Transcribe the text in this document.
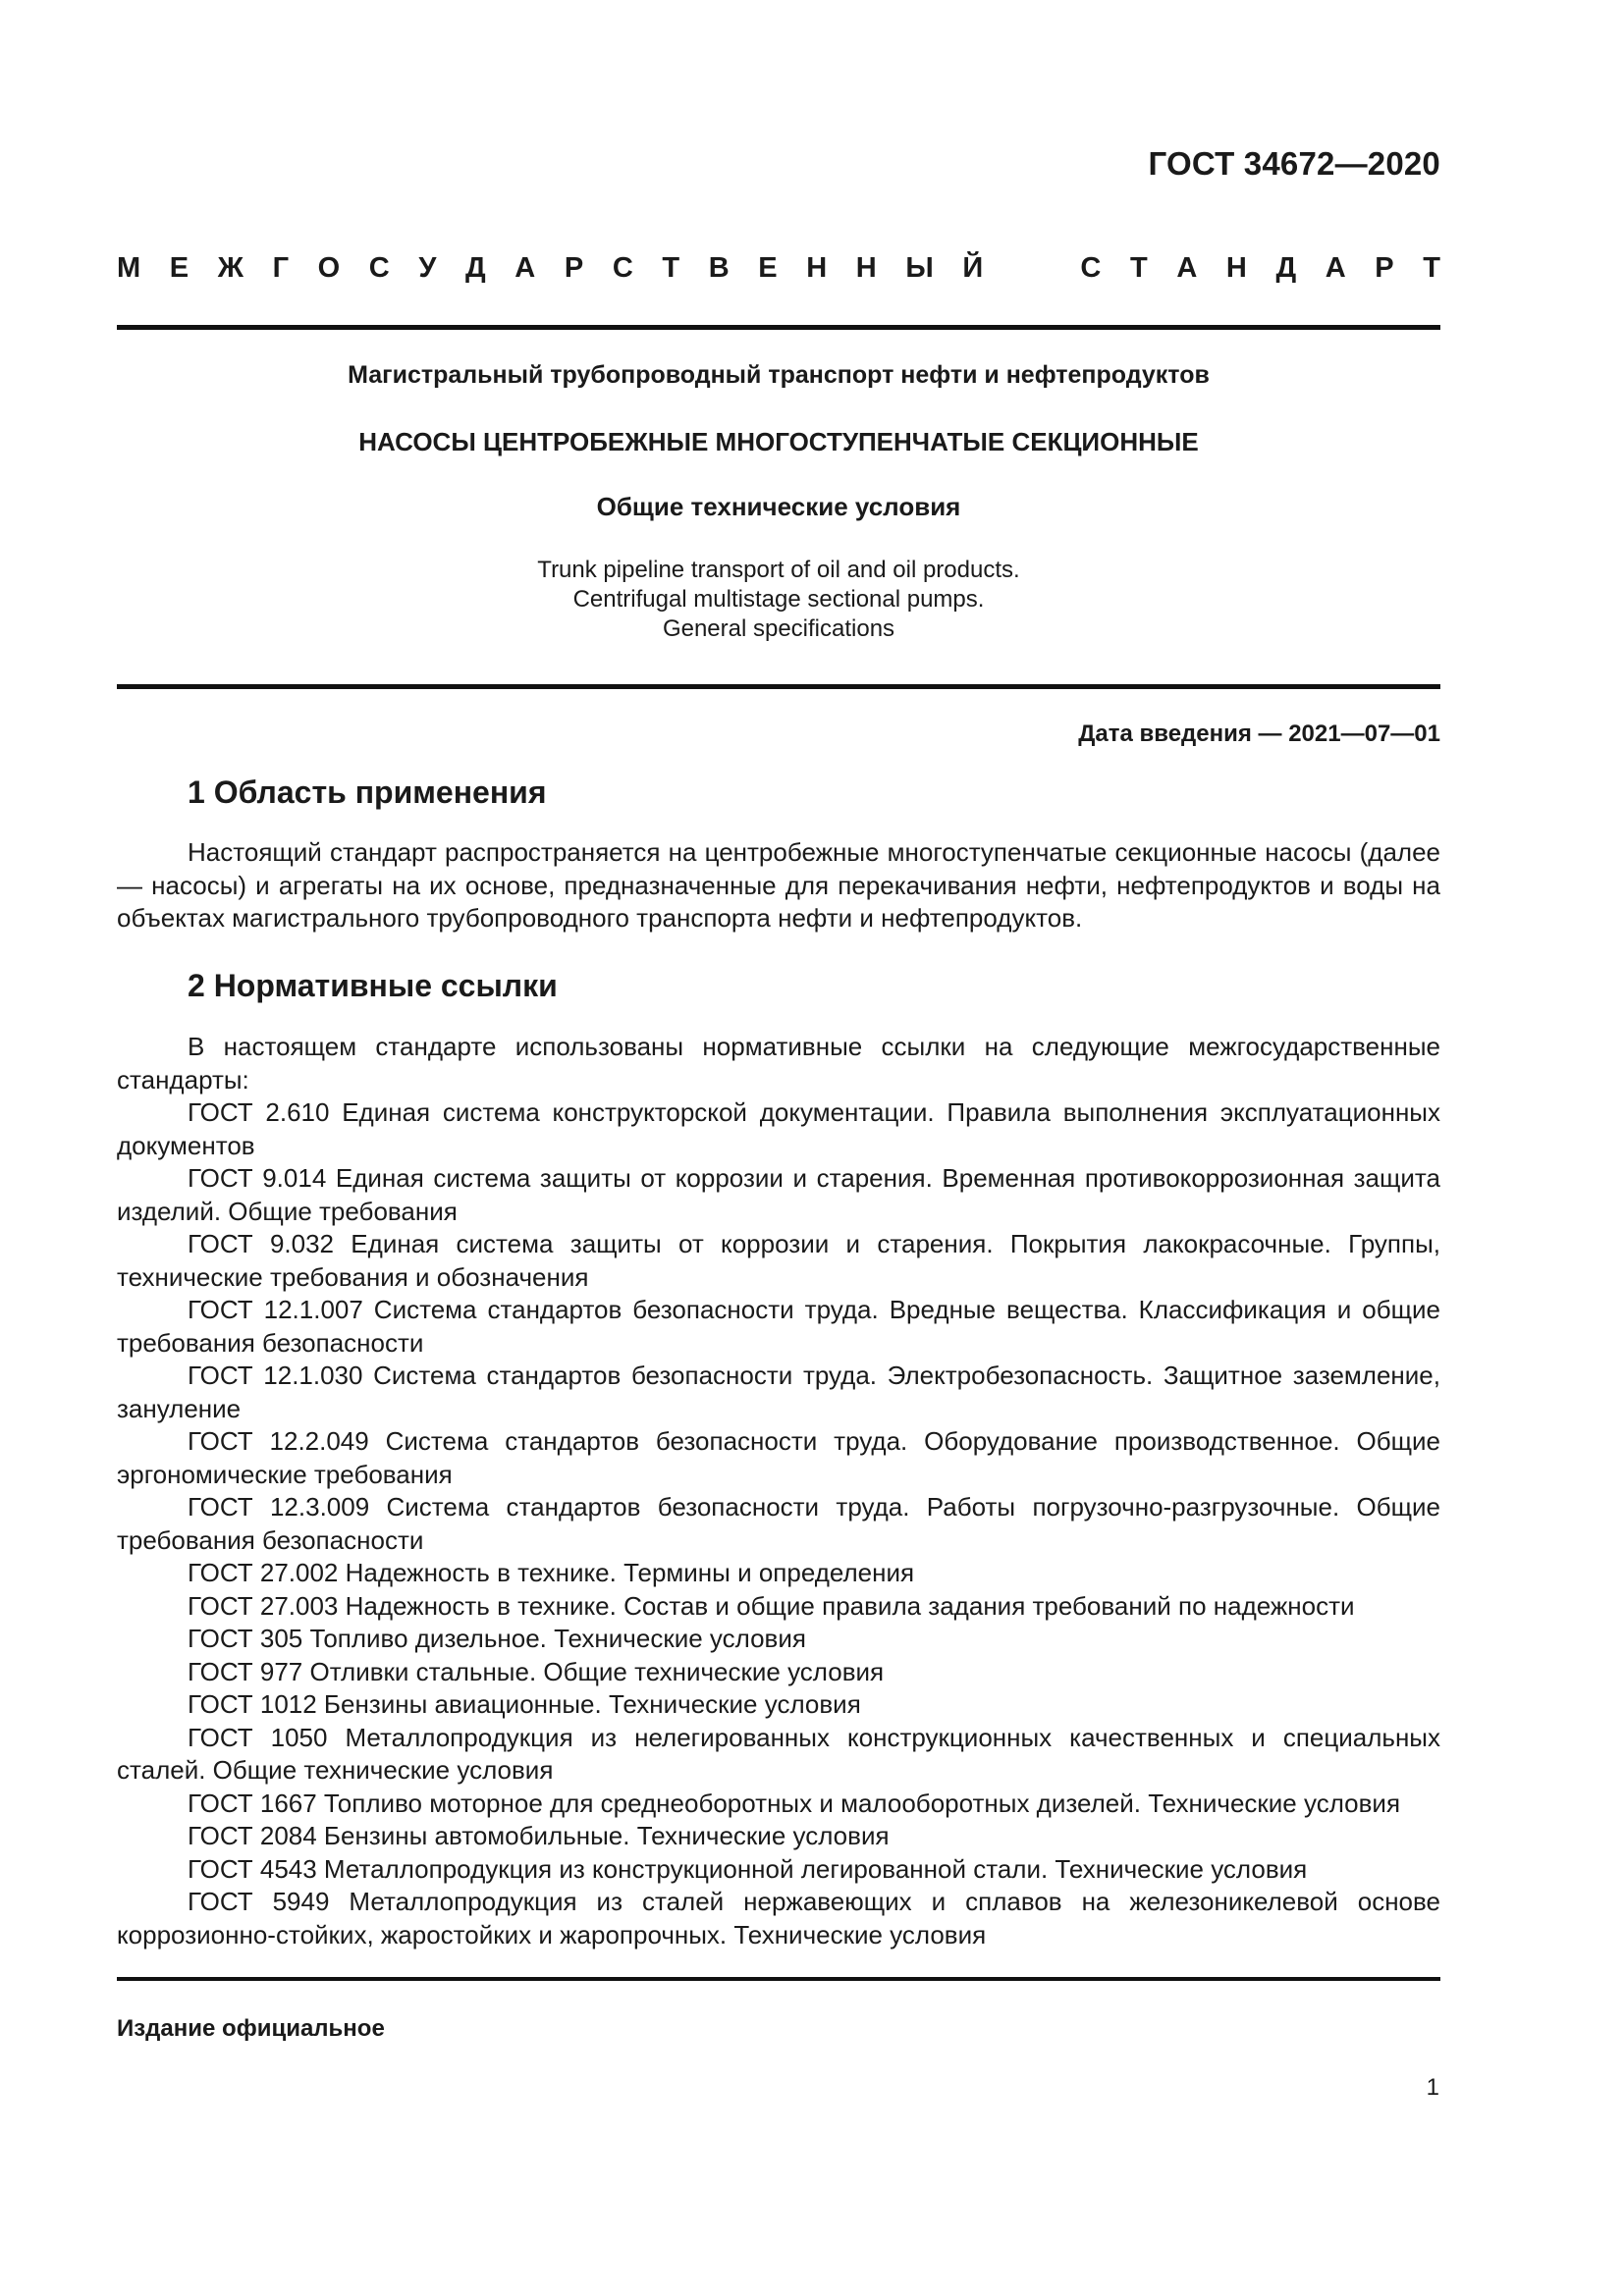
ГОСТ 34672—2020
М Е Ж Г О С У Д А Р С Т В Е Н Н Ы Й	С Т А Н Д А Р Т
Магистральный трубопроводный транспорт нефти и нефтепродуктов
НАСОСЫ ЦЕНТРОБЕЖНЫЕ МНОГОСТУПЕНЧАТЫЕ СЕКЦИОННЫЕ
Общие технические условия
Trunk pipeline transport of oil and oil products.
Centrifugal multistage sectional pumps.
General specifications
Дата введения — 2021—07—01
1 Область применения

Настоящий стандарт распространяется на центробежные многоступенчатые секционные насосы (далее — насосы) и агрегаты на их основе, предназначенные для перекачивания нефти, нефтепродуктов и воды на объектах магистрального трубопроводного транспорта нефти и нефтепродуктов.

2 Нормативные ссылки

В настоящем стандарте использованы нормативные ссылки на следующие межгосударственные стандарты:

ГОСТ 2.610 Единая система конструкторской документации. Правила выполнения эксплуатационных документов

ГОСТ 9.014 Единая система защиты от коррозии и старения. Временная противокоррозионная защита изделий. Общие требования

ГОСТ 9.032 Единая система защиты от коррозии и старения. Покрытия лакокрасочные. Группы, технические требования и обозначения

ГОСТ 12.1.007 Система стандартов безопасности труда. Вредные вещества. Классификация и общие требования безопасности

ГОСТ 12.1.030 Система стандартов безопасности труда. Электробезопасность. Защитное заземление, зануление

ГОСТ 12.2.049 Система стандартов безопасности труда. Оборудование производственное. Общие эргономические требования

ГОСТ 12.3.009 Система стандартов безопасности труда. Работы погрузочно-разгрузочные. Общие требования безопасности

ГОСТ 27.002 Надежность в технике. Термины и определения

ГОСТ 27.003 Надежность в технике. Состав и общие правила задания требований по надежности

ГОСТ 305 Топливо дизельное. Технические условия

ГОСТ 977 Отливки стальные. Общие технические условия

ГОСТ 1012 Бензины авиационные. Технические условия

ГОСТ 1050 Металлопродукция из нелегированных конструкционных качественных и специальных сталей. Общие технические условия

ГОСТ 1667 Топливо моторное для среднеоборотных и малооборотных дизелей. Технические условия

ГОСТ 2084 Бензины автомобильные. Технические условия

ГОСТ 4543 Металлопродукция из конструкционной легированной стали. Технические условия

ГОСТ 5949 Металлопродукция из сталей нержавеющих и сплавов на железоникелевой основе коррозионно-стойких, жаростойких и жаропрочных. Технические условия

Издание официальное
1
